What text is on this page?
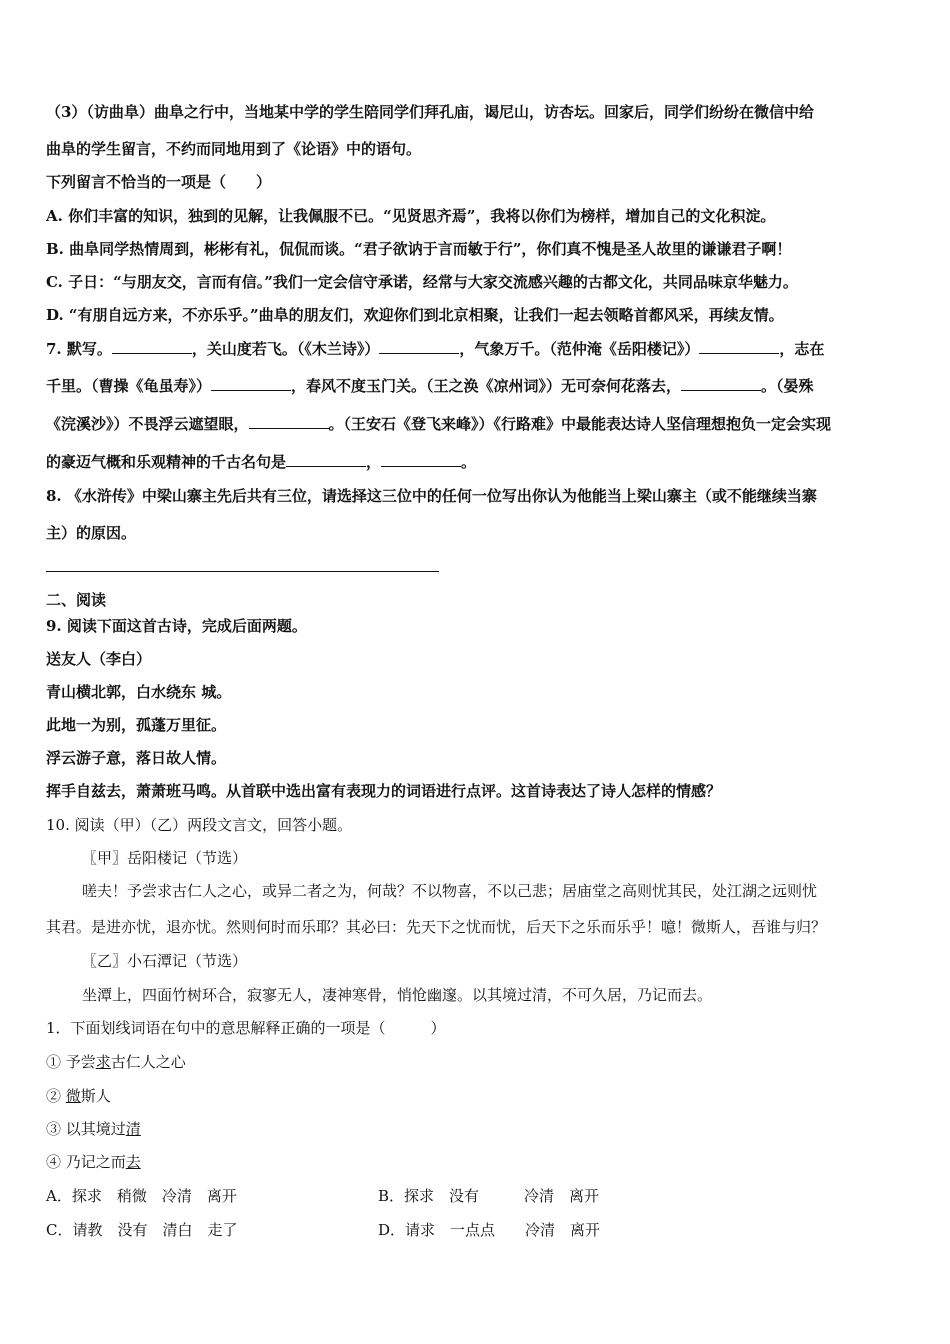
（3）（访曲阜）曲阜之行中，当地某中学的学生陪同学们拜孔庙，谒尼山，访杏坛。回家后，同学们纷纷在微信中给
曲阜的学生留言，不约而同地用到了《论语》中的语句。
下列留言不恰当的一项是（　　）
A. 你们丰富的知识，独到的见解，让我佩服不已。“见贤思齐焉”，我将以你们为榜样，增加自己的文化积淀。
B. 曲阜同学热情周到，彬彬有礼，侃侃而谈。“君子欲讷于言而敏于行”，你们真不愧是圣人故里的谦谦君子啊！
C. 子日：“与朋友交，言而有信。”我们一定会信守承诺，经常与大家交流感兴趣的古都文化，共同品味京华魅力。
D. “有朋自远方来，不亦乐乎。”曲阜的朋友们，欢迎你们到北京相聚，让我们一起去领略首都风采，再续友情。
7. 默写。	，关山度若飞。（《木兰诗》）	，气象万千。（范仲淹《岳阳楼记》）	，志在
千里。（曹操《龟虽寿》）	，春风不度玉门关。（王之涣《凉州词》）无可奈何花落去，	。（晏殊
《浣溪沙》）不畏浮云遮望眼，	。（王安石《登飞来峰》）《行路难》中最能表达诗人坚信理想抱负一定会实现
的豪迈气概和乐观精神的千古名句是	，	。
8. 《水浒传》中梁山寨主先后共有三位，请选择这三位中的任何一位写出你认为他能当上梁山寨主（或不能继续当寨
主）的原因。
二、阅读
9. 阅读下面这首古诗，完成后面两题。
送友人（李白）
青山横北郭，白水绕东 城。
此地一为别，孤蓬万里征。
浮云游子意，落日故人情。
挥手自兹去，萧萧班马鸣。从首联中选出富有表现力的词语进行点评。这首诗表达了诗人怎样的情感？
10. 阅读（甲）（乙）两段文言文，回答小题。
〖甲〗岳阳楼记（节选）
嗟夫！予尝求古仁人之心，或异二者之为，何哉？不以物喜，不以己悲；居庙堂之高则忧其民，处江湖之远则忧
其君。是进亦忧，退亦忧。然则何时而乐耶？其必曰：先天下之忧而忧，后天下之乐而乐乎！噫！微斯人，吾谁与归？
〖乙〗小石潭记（节选）
坐潭上，四面竹树环合，寂寥无人，凄神寒骨，悄怆幽邃。以其境过清，不可久居，乃记而去。
1．下面划线词语在句中的意思解释正确的一项是（　　　）
① 予尝求古仁人之心
② 微斯人
③ 以其境过清
④ 乃记之而去
A．探求　稍微　冷清　离开	B．探求　没有　　　冷清　离开
C．请教　没有　清白　走了	D．请求　一点点　　冷清　离开
